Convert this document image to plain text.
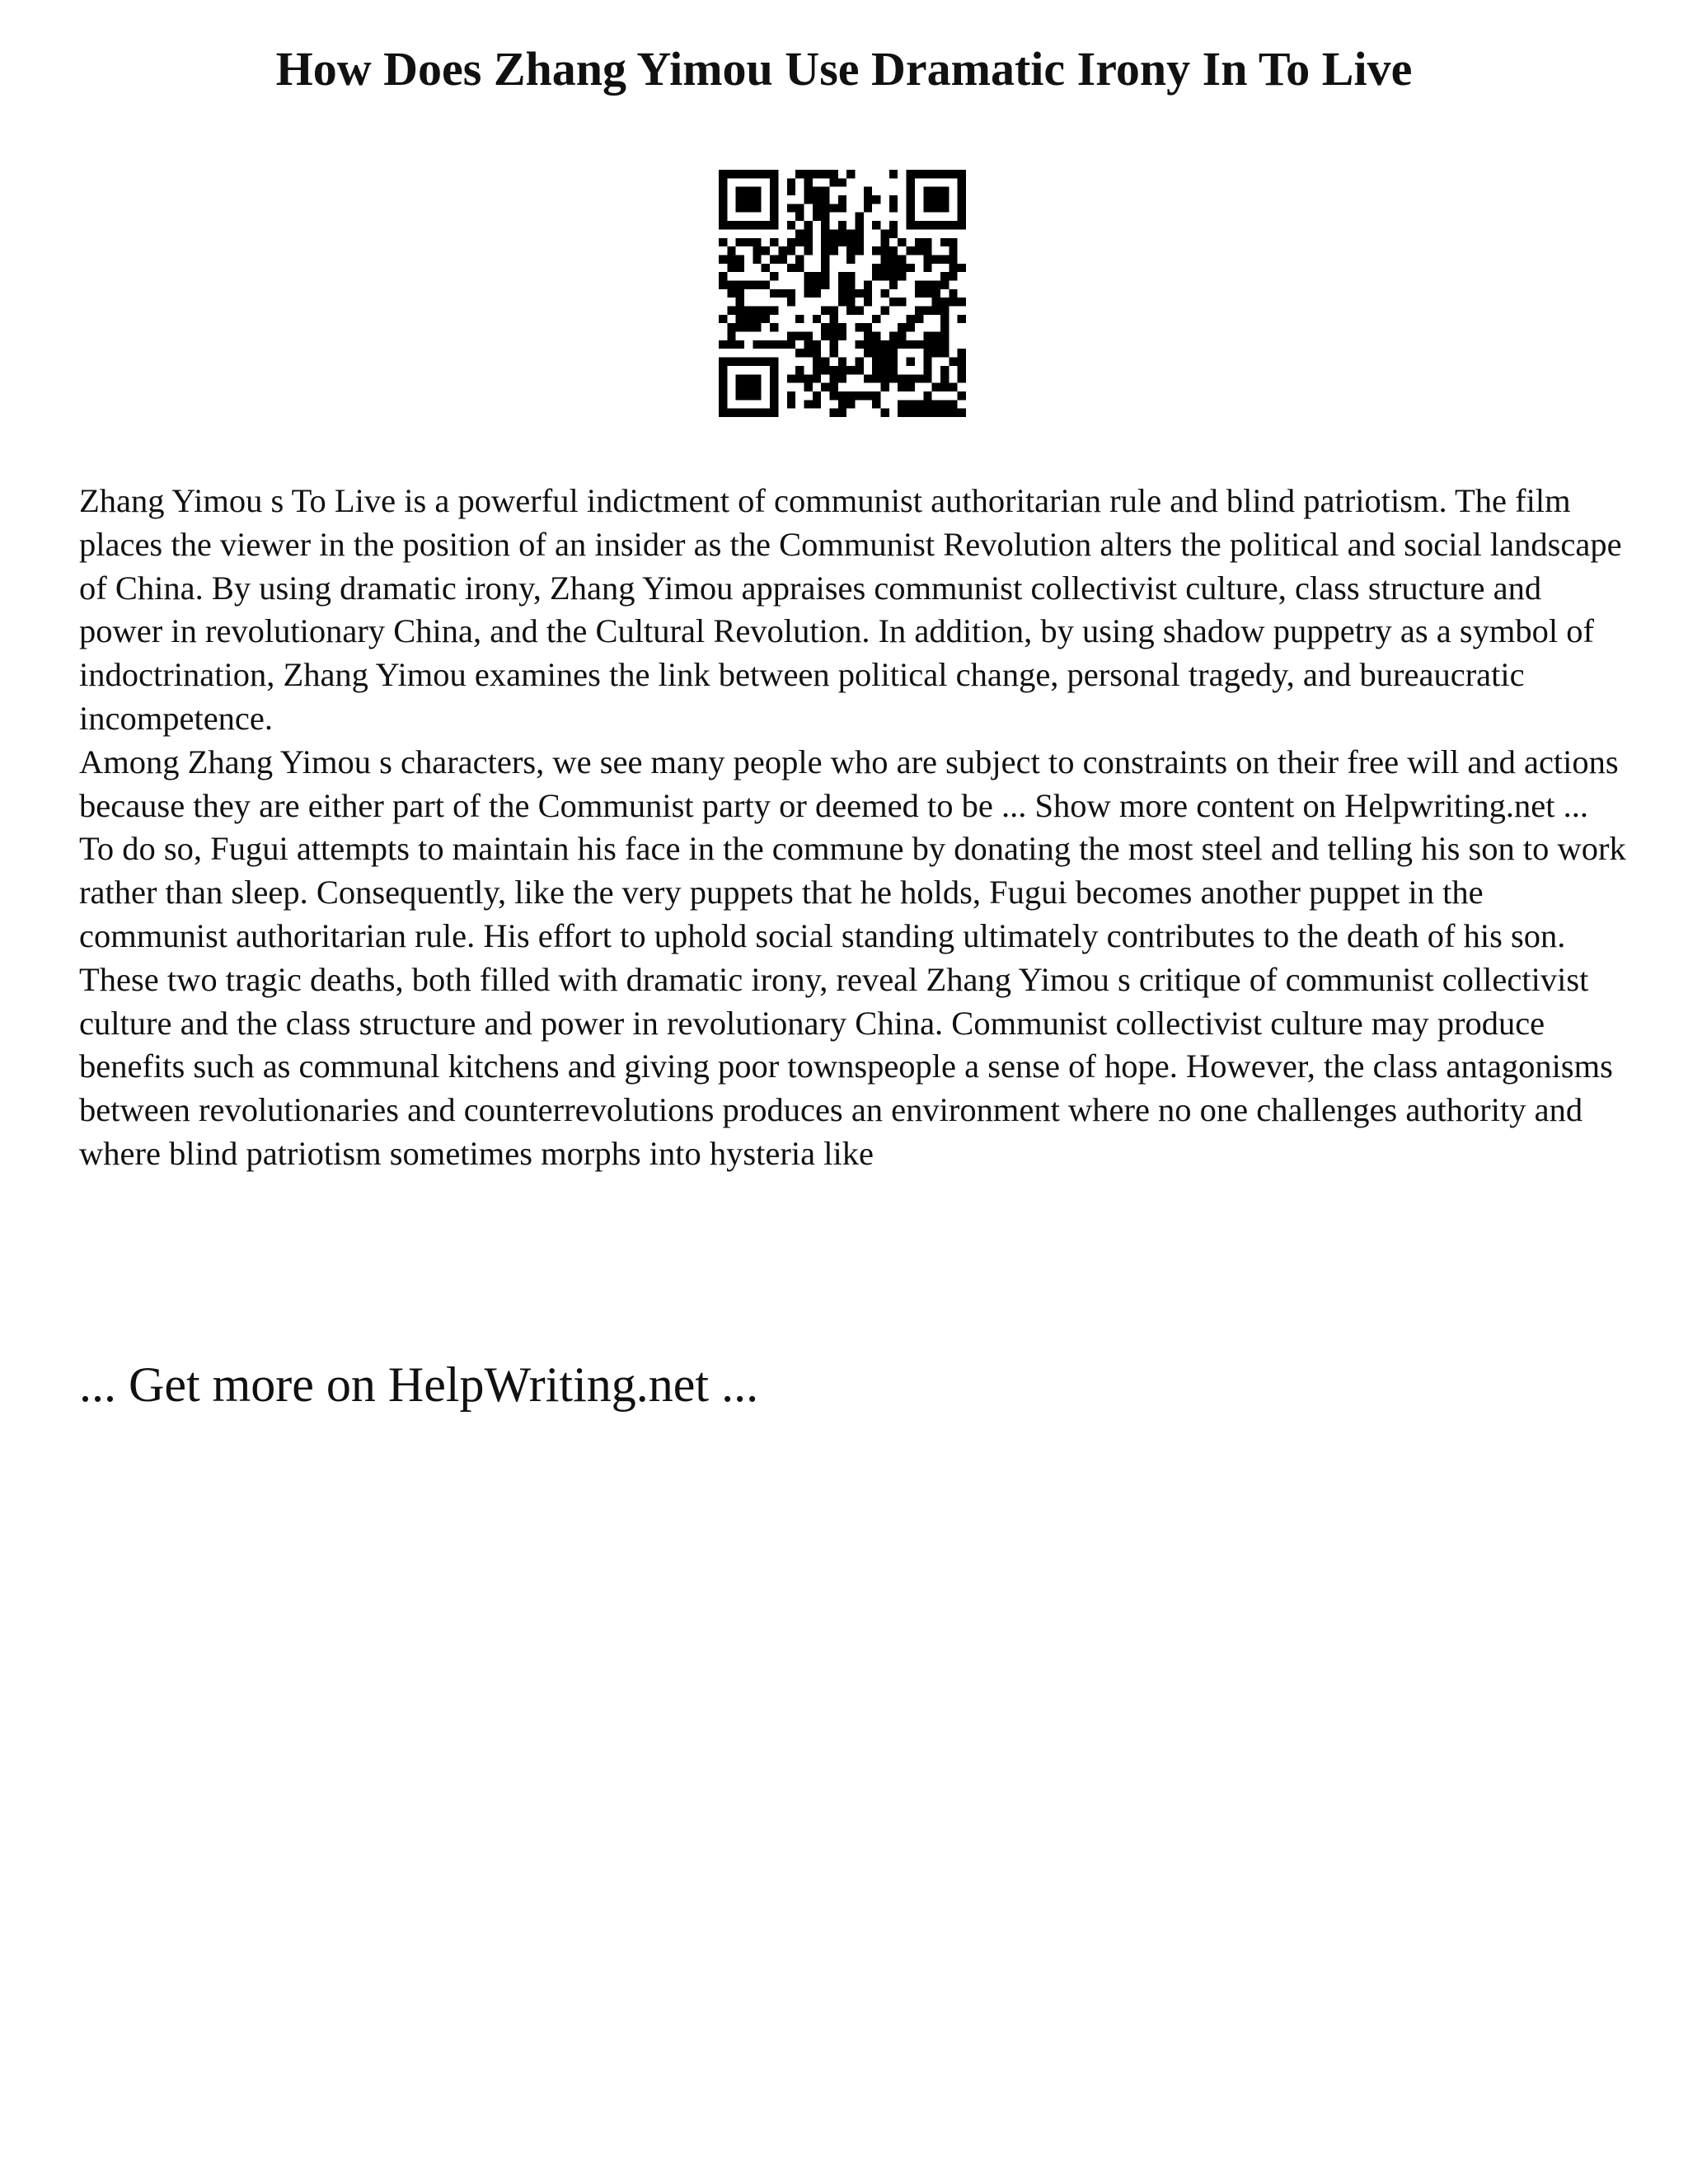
How Does Zhang Yimou Use Dramatic Irony In To Live

Zhang Yimou s To Live is a powerful indictment of communist authoritarian rule and blind patriotism. The film places the viewer in the position of an insider as the Communist Revolution alters the political and social landscape of China. By using dramatic irony, Zhang Yimou appraises communist collectivist culture, class structure and power in revolutionary China, and the Cultural Revolution. In addition, by using shadow puppetry as a symbol of indoctrination, Zhang Yimou examines the link between political change, personal tragedy, and bureaucratic incompetence.

Among Zhang Yimou s characters, we see many people who are subject to constraints on their free will and actions because they are either part of the Communist party or deemed to be ... Show more content on Helpwriting.net ...

To do so, Fugui attempts to maintain his face in the commune by donating the most steel and telling his son to work rather than sleep. Consequently, like the very puppets that he holds, Fugui becomes another puppet in the communist authoritarian rule. His effort to uphold social standing ultimately contributes to the death of his son.

These two tragic deaths, both filled with dramatic irony, reveal Zhang Yimou s critique of communist collectivist culture and the class structure and power in revolutionary China. Communist collectivist culture may produce benefits such as communal kitchens and giving poor townspeople a sense of hope. However, the class antagonisms between revolutionaries and counterrevolutions produces an environment where no one challenges authority and where blind patriotism sometimes morphs into hysteria like

... Get more on HelpWriting.net ...
